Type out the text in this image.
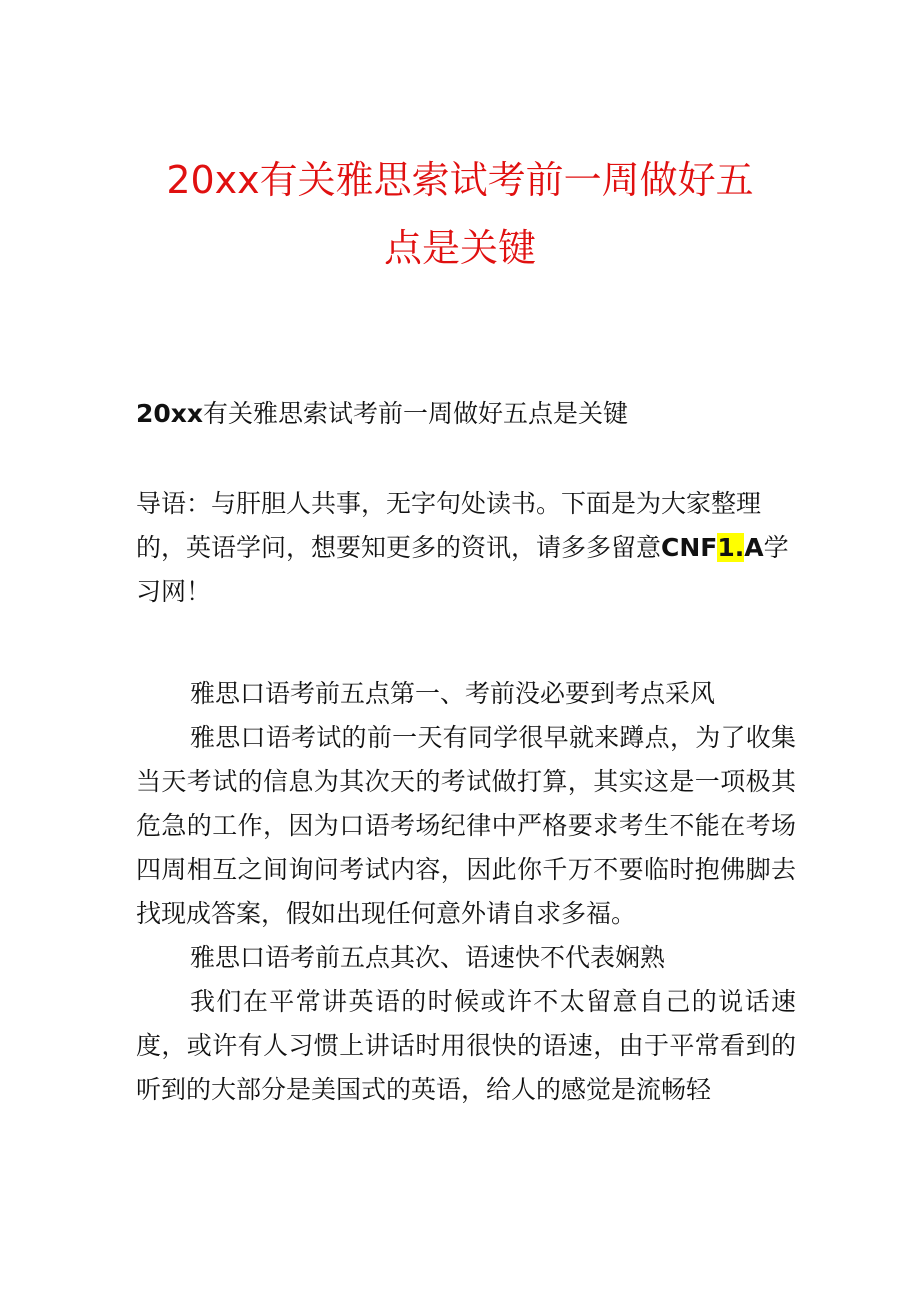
20xx有关雅思索试考前一周做好五
点是关键
20xx有关雅思索试考前一周做好五点是关键
导语：与肝胆人共事，无字句处读书。下面是为大家整理的，英语学问，想要知更多的资讯，请多多留意CNF1.A学习网！

雅思口语考前五点第一、考前没必要到考点采风

雅思口语考试的前一天有同学很早就来蹲点，为了收集当天考试的信息为其次天的考试做打算，其实这是一项极其危急的工作，因为口语考场纪律中严格要求考生不能在考场四周相互之间询问考试内容，因此你千万不要临时抱佛脚去找现成答案，假如出现任何意外请自求多福。

雅思口语考前五点其次、语速快不代表娴熟

我们在平常讲英语的时候或许不太留意自己的说话速度，或许有人习惯上讲话时用很快的语速，由于平常看到的听到的大部分是美国式的英语，给人的感觉是流畅轻
